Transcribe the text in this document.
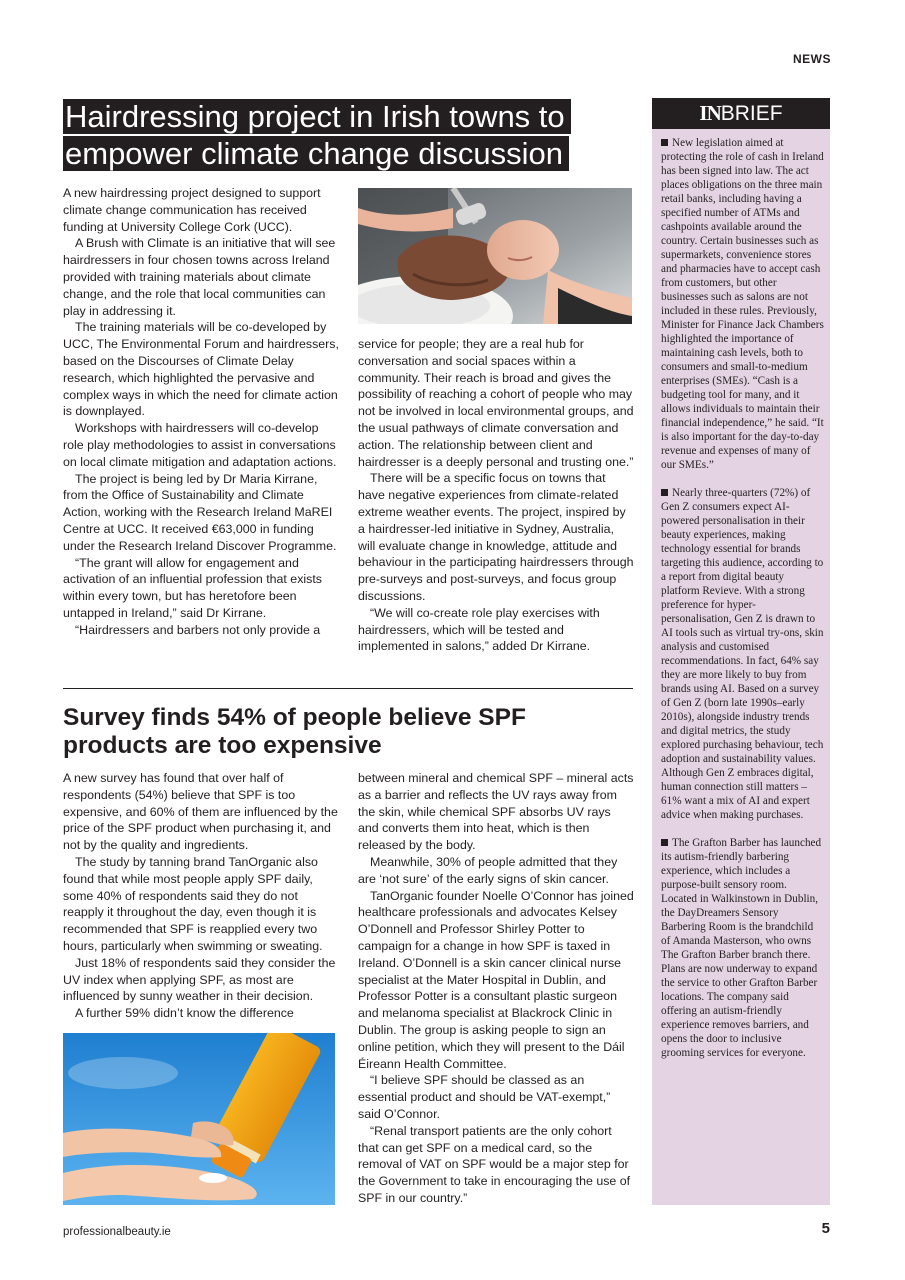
NEWS
Hairdressing project in Irish towns to
empower climate change discussion

A new hairdressing project designed to support climate change communication has received funding at University College Cork (UCC).

A Brush with Climate is an initiative that will see hairdressers in four chosen towns across Ireland provided with training materials about climate change, and the role that local communities can play in addressing it.

The training materials will be co-developed by UCC, The Environmental Forum and hairdressers, based on the Discourses of Climate Delay research, which highlighted the pervasive and complex ways in which the need for climate action is downplayed.

Workshops with hairdressers will co-develop role play methodologies to assist in conversations on local climate mitigation and adaptation actions.

The project is being led by Dr Maria Kirrane, from the Office of Sustainability and Climate Action, working with the Research Ireland MaREI Centre at UCC. It received €63,000 in funding under the Research Ireland Discover Programme.

“The grant will allow for engagement and activation of an influential profession that exists within every town, but has heretofore been untapped in Ireland,” said Dr Kirrane.

“Hairdressers and barbers not only provide a

service for people; they are a real hub for conversation and social spaces within a community. Their reach is broad and gives the possibility of reaching a cohort of people who may not be involved in local environmental groups, and the usual pathways of climate conversation and action. The relationship between client and hairdresser is a deeply personal and trusting one.”

There will be a specific focus on towns that have negative experiences from climate-related extreme weather events. The project, inspired by a hairdresser-led initiative in Sydney, Australia, will evaluate change in knowledge, attitude and behaviour in the participating hairdressers through pre-surveys and post-surveys, and focus group discussions.

“We will co-create role play exercises with hairdressers, which will be tested and implemented in salons,” added Dr Kirrane.

Survey finds 54% of people believe SPF products are too expensive

A new survey has found that over half of respondents (54%) believe that SPF is too expensive, and 60% of them are influenced by the price of the SPF product when purchasing it, and not by the quality and ingredients.

The study by tanning brand TanOrganic also found that while most people apply SPF daily, some 40% of respondents said they do not reapply it throughout the day, even though it is recommended that SPF is reapplied every two hours, particularly when swimming or sweating.

Just 18% of respondents said they consider the UV index when applying SPF, as most are influenced by sunny weather in their decision.

A further 59% didn’t know the difference

between mineral and chemical SPF – mineral acts as a barrier and reflects the UV rays away from the skin, while chemical SPF absorbs UV rays and converts them into heat, which is then released by the body.

Meanwhile, 30% of people admitted that they are ‘not sure’ of the early signs of skin cancer.

TanOrganic founder Noelle O’Connor has joined healthcare professionals and advocates Kelsey O’Donnell and Professor Shirley Potter to campaign for a change in how SPF is taxed in Ireland. O’Donnell is a skin cancer clinical nurse specialist at the Mater Hospital in Dublin, and Professor Potter is a consultant plastic surgeon and melanoma specialist at Blackrock Clinic in Dublin. The group is asking people to sign an online petition, which they will present to the Dáil Éireann Health Committee.

“I believe SPF should be classed as an essential product and should be VAT-exempt,” said O’Connor.

“Renal transport patients are the only cohort that can get SPF on a medical card, so the removal of VAT on SPF would be a major step for the Government to take in encouraging the use of SPF in our country.”

INBRIEF

New legislation aimed at protecting the role of cash in Ireland has been signed into law. The act places obligations on the three main retail banks, including having a specified number of ATMs and cashpoints available around the country. Certain businesses such as supermarkets, convenience stores and pharmacies have to accept cash from customers, but other businesses such as salons are not included in these rules. Previously, Minister for Finance Jack Chambers highlighted the importance of maintaining cash levels, both to consumers and small-to-medium enterprises (SMEs). “Cash is a budgeting tool for many, and it allows individuals to maintain their financial independence,” he said. “It is also important for the day-to-day revenue and expenses of many of our SMEs.”

Nearly three-quarters (72%) of Gen Z consumers expect AI-powered personalisation in their beauty experiences, making technology essential for brands targeting this audience, according to a report from digital beauty platform Revieve. With a strong preference for hyper-personalisation, Gen Z is drawn to AI tools such as virtual try-ons, skin analysis and customised recommendations. In fact, 64% say they are more likely to buy from brands using AI. Based on a survey of Gen Z (born late 1990s–early 2010s), alongside industry trends and digital metrics, the study explored purchasing behaviour, tech adoption and sustainability values. Although Gen Z embraces digital, human connection still matters – 61% want a mix of AI and expert advice when making purchases.

The Grafton Barber has launched its autism-friendly barbering experience, which includes a purpose-built sensory room. Located in Walkinstown in Dublin, the DayDreamers Sensory Barbering Room is the brandchild of Amanda Masterson, who owns The Grafton Barber branch there. Plans are now underway to expand the service to other Grafton Barber locations. The company said offering an autism-friendly experience removes barriers, and opens the door to inclusive grooming services for everyone.

professionalbeauty.ie	5
